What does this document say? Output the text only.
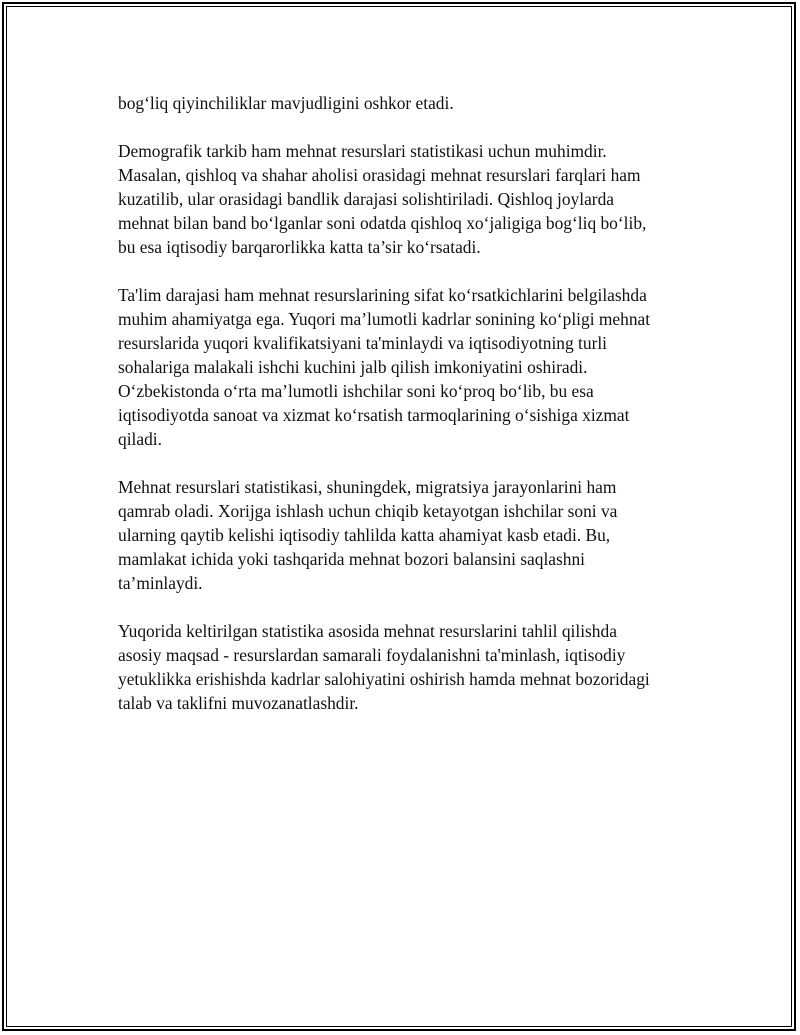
bog‘liq qiyinchiliklar mavjudligini oshkor etadi.

Demografik tarkib ham mehnat resurslari statistikasi uchun muhimdir.
Masalan, qishloq va shahar aholisi orasidagi mehnat resurslari farqlari ham
kuzatilib, ular orasidagi bandlik darajasi solishtiriladi. Qishloq joylarda
mehnat bilan band bo‘lganlar soni odatda qishloq xo‘jaligiga bog‘liq bo‘lib,
bu esa iqtisodiy barqarorlikka katta ta’sir ko‘rsatadi.

Ta'lim darajasi ham mehnat resurslarining sifat ko‘rsatkichlarini belgilashda
muhim ahamiyatga ega. Yuqori ma’lumotli kadrlar sonining ko‘pligi mehnat
resurslarida yuqori kvalifikatsiyani ta'minlaydi va iqtisodiyotning turli
sohalariga malakali ishchi kuchini jalb qilish imkoniyatini oshiradi.
O‘zbekistonda o‘rta ma’lumotli ishchilar soni ko‘proq bo‘lib, bu esa
iqtisodiyotda sanoat va xizmat ko‘rsatish tarmoqlarining o‘sishiga xizmat
qiladi.

Mehnat resurslari statistikasi, shuningdek, migratsiya jarayonlarini ham
qamrab oladi. Xorijga ishlash uchun chiqib ketayotgan ishchilar soni va
ularning qaytib kelishi iqtisodiy tahlilda katta ahamiyat kasb etadi. Bu,
mamlakat ichida yoki tashqarida mehnat bozori balansini saqlashni
ta’minlaydi.

Yuqorida keltirilgan statistika asosida mehnat resurslarini tahlil qilishda
asosiy maqsad - resurslardan samarali foydalanishni ta'minlash, iqtisodiy
yetuklikka erishishda kadrlar salohiyatini oshirish hamda mehnat bozoridagi
talab va taklifni muvozanatlashdir.
